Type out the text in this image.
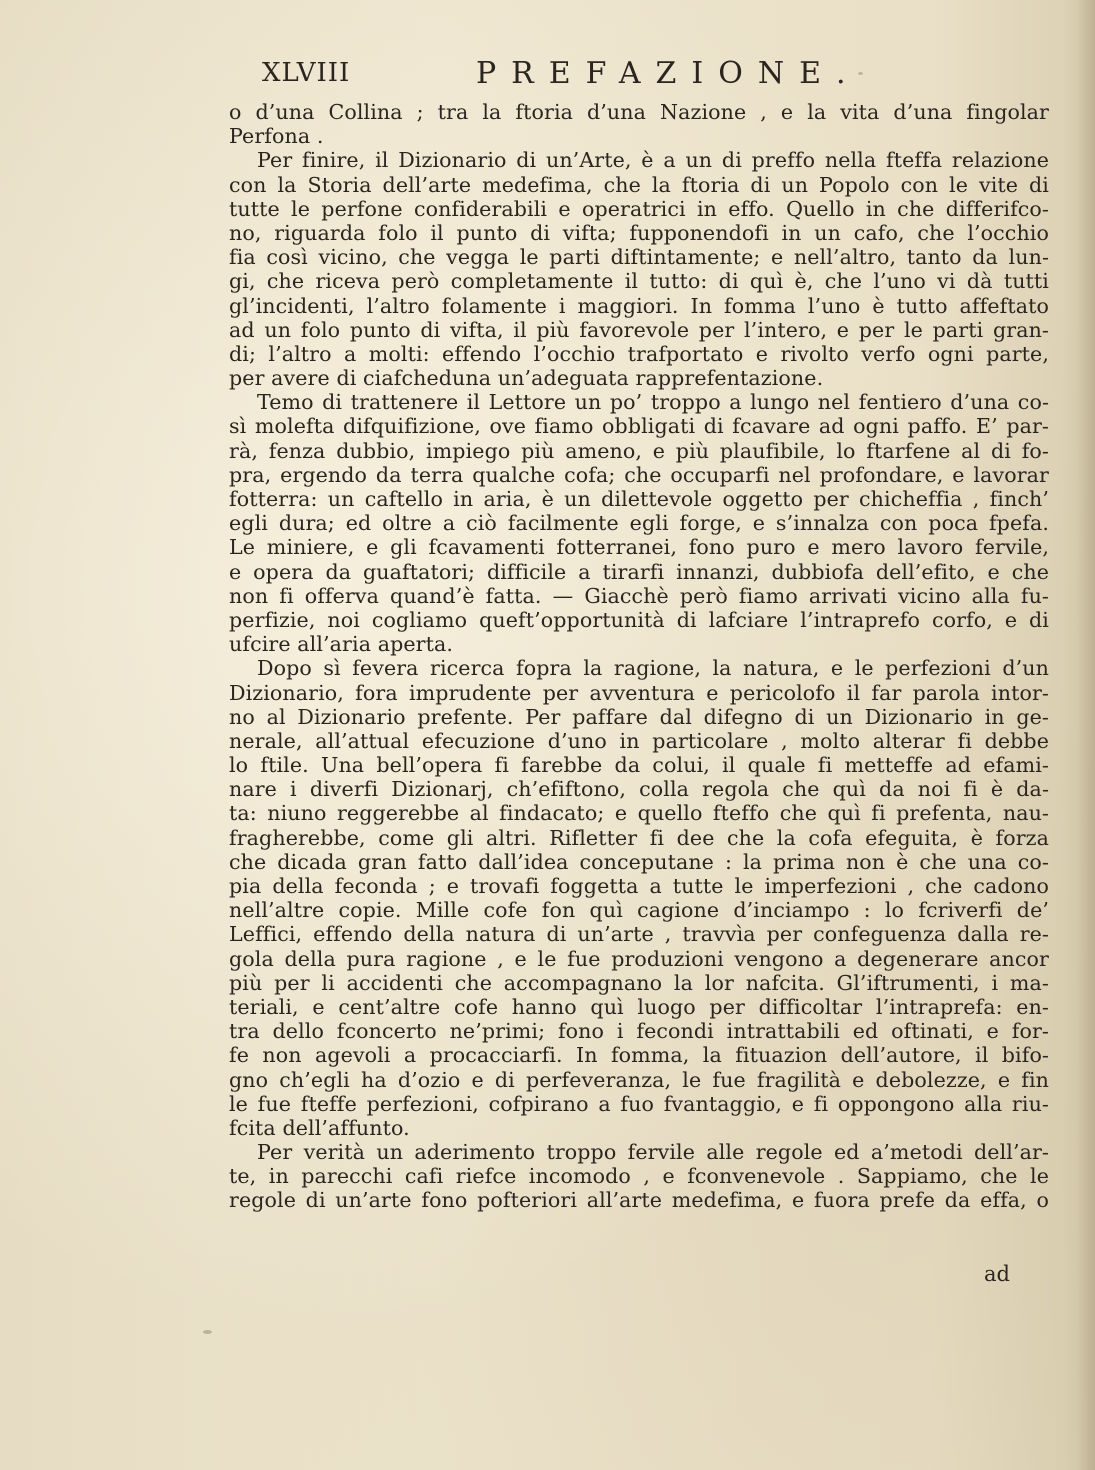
XLVIII	PREFAZIONE.
o d’una Collina ; tra la ftoria d’una Nazione , e la vita d’una fingolar
Perfona .
Per finire, il Dizionario di un’Arte, è a un di preffo nella fteffa relazione
con la Storia dell’arte medefima, che la ftoria di un Popolo con le vite di
tutte le perfone confiderabili e operatrici in effo. Quello in che differifco-
no, riguarda folo il punto di vifta; fupponendofi in un cafo, che l’occhio
fia così vicino, che vegga le parti diftintamente; e nell’altro, tanto da lun-
gi, che riceva però completamente il tutto: di quì è, che l’uno vi dà tutti
gl’incidenti, l’altro folamente i maggiori. In fomma l’uno è tutto affeftato
ad un folo punto di vifta, il più favorevole per l’intero, e per le parti gran-
di; l’altro a molti: effendo l’occhio trafportato e rivolto verfo ogni parte,
per avere di ciafcheduna un’adeguata rapprefentazione.
Temo di trattenere il Lettore un po’ troppo a lungo nel fentiero d’una co-
sì molefta difquifizione, ove fiamo obbligati di fcavare ad ogni paffo. E’ par-
rà, fenza dubbio, impiego più ameno, e più plaufibile, lo ftarfene al di fo-
pra, ergendo da terra qualche cofa; che occuparfi nel profondare, e lavorar
fotterra: un caftello in aria, è un dilettevole oggetto per chicheffia , finch’
egli dura; ed oltre a ciò facilmente egli forge, e s’innalza con poca fpefa.
Le miniere, e gli fcavamenti fotterranei, fono puro e mero lavoro fervile,
e opera da guaftatori; difficile a tirarfi innanzi, dubbiofa dell’efito, e che
non fi offerva quand’è fatta. — Giacchè però fiamo arrivati vicino alla fu-
perfizie, noi cogliamo queft’opportunità di lafciare l’intraprefo corfo, e di
ufcire all’aria aperta.
Dopo sì fevera ricerca fopra la ragione, la natura, e le perfezioni d’un
Dizionario, fora imprudente per avventura e pericolofo il far parola intor-
no al Dizionario prefente. Per paffare dal difegno di un Dizionario in ge-
nerale, all’attual efecuzione d’uno in particolare , molto alterar fi debbe
lo ftile. Una bell’opera fi farebbe da colui, il quale fi metteffe ad efami-
nare i diverfi Dizionarj, ch’efiftono, colla regola che quì da noi fi è da-
ta: niuno reggerebbe al findacato; e quello fteffo che quì fi prefenta, nau-
fragherebbe, come gli altri. Rifletter fi dee che la cofa efeguita, è forza
che dicada gran fatto dall’idea conceputane : la prima non è che una co-
pia della feconda ; e trovafi foggetta a tutte le imperfezioni , che cadono
nell’altre copie. Mille cofe fon quì cagione d’inciampo : lo fcriverfi de’
Leffici, effendo della natura di un’arte , travvìa per confeguenza dalla re-
gola della pura ragione , e le fue produzioni vengono a degenerare ancor
più per li accidenti che accompagnano la lor nafcita. Gl’iftrumenti, i ma-
teriali, e cent’altre cofe hanno quì luogo per difficoltar l’intraprefa: en-
tra dello fconcerto ne’primi; fono i fecondi intrattabili ed oftinati, e for-
fe non agevoli a procacciarfi. In fomma, la fituazion dell’autore, il bifo-
gno ch’egli ha d’ozio e di perfeveranza, le fue fragilità e debolezze, e fin
le fue fteffe perfezioni, cofpirano a fuo fvantaggio, e fi oppongono alla riu-
fcita dell’affunto.
Per verità un aderimento troppo fervile alle regole ed a’metodi dell’ar-
te, in parecchi cafi riefce incomodo , e fconvenevole . Sappiamo, che le
regole di un’arte fono pofteriori all’arte medefima, e fuora prefe da effa, o
ad
